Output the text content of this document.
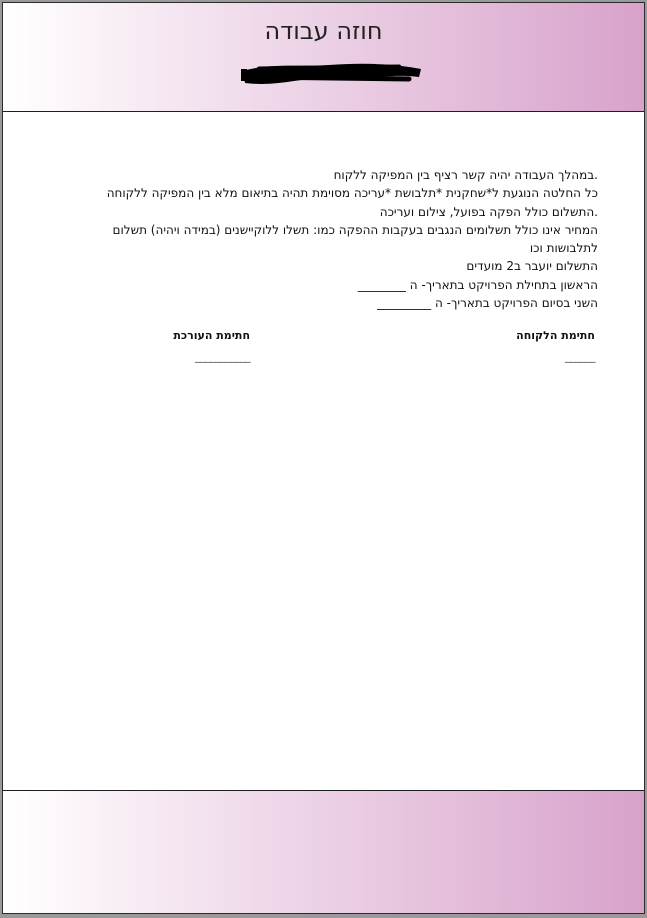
חוזה עבודה

.במהלך העבודה יהיה קשר רציף בין המפיקה ללקוח

כל החלטה הנוגעת ל*שחקנית *תלבושת *עריכה מסוימת תהיה בתיאום מלא בין המפיקה ללקוחה

.התשלום כולל הפקה בפועל, צילום ועריכה

המחיר אינו כולל תשלומים הנגבים בעקבות ההפקה כמו: תשלו ללוקיישנים (במידה ויהיה) תשלום לתלבושות וכו

התשלום יועבר ב2 מועדים

הראשון בתחילת הפרויקט בתאריך- ה ________

השני בסיום הפרויקט בתאריך- ה _________

חתימת הלקוחה
______
חתימת העורכת
___________
